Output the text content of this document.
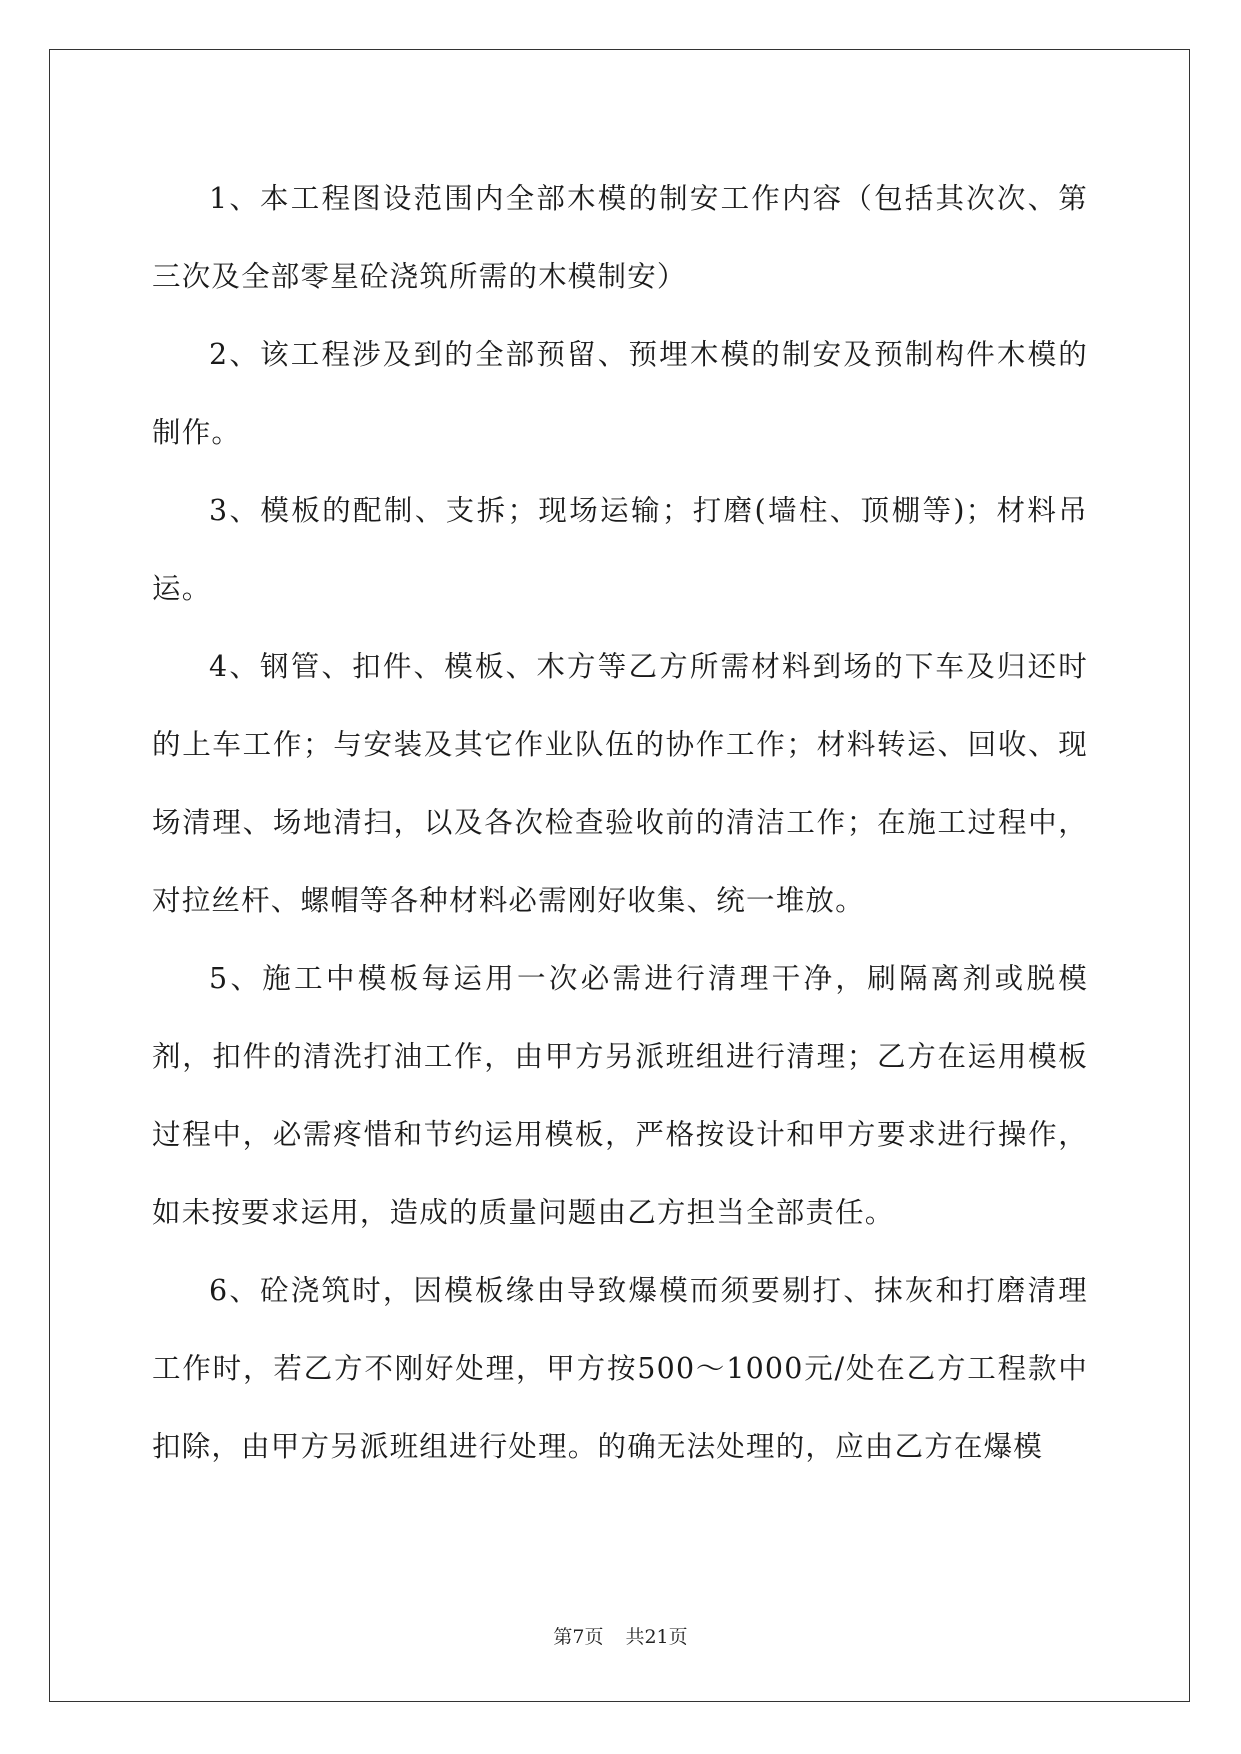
1、本工程图设范围内全部木模的制安工作内容（包括其次次、第三次及全部零星砼浇筑所需的木模制安）

2、该工程涉及到的全部预留、预埋木模的制安及预制构件木模的制作。

3、模板的配制、支拆；现场运输；打磨(墙柱、顶棚等)；材料吊运。

4、钢管、扣件、模板、木方等乙方所需材料到场的下车及归还时的上车工作；与安装及其它作业队伍的协作工作；材料转运、回收、现场清理、场地清扫，以及各次检查验收前的清洁工作；在施工过程中，对拉丝杆、螺帽等各种材料必需刚好收集、统一堆放。

5、施工中模板每运用一次必需进行清理干净，刷隔离剂或脱模剂，扣件的清洗打油工作，由甲方另派班组进行清理；乙方在运用模板过程中，必需疼惜和节约运用模板，严格按设计和甲方要求进行操作，如未按要求运用，造成的质量问题由乙方担当全部责任。

6、砼浇筑时，因模板缘由导致爆模而须要剔打、抹灰和打磨清理工作时，若乙方不刚好处理，甲方按500～1000元/处在乙方工程款中扣除，由甲方另派班组进行处理。的确无法处理的，应由乙方在爆模

第7页 共21页
